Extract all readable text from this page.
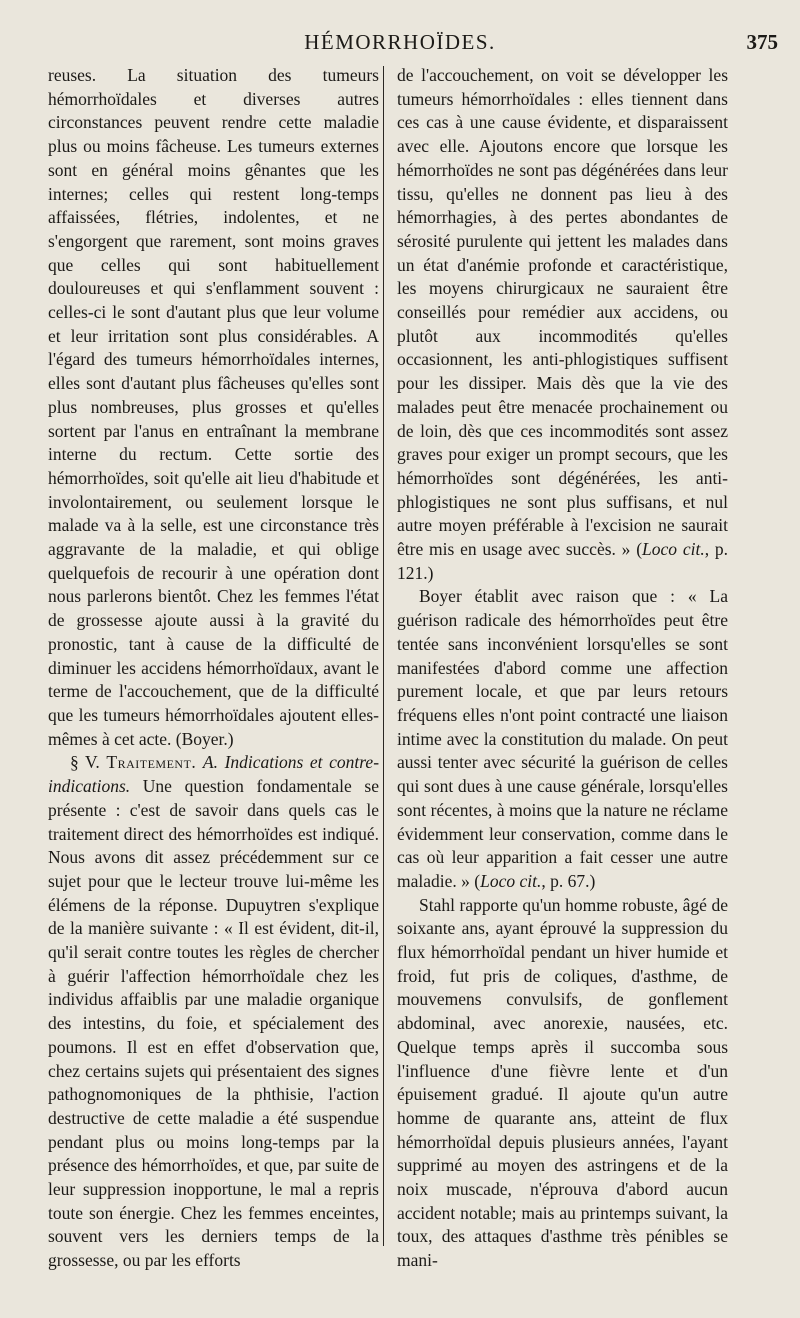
HÉMORRHOÏDES.	375

reuses. La situation des tumeurs hémorrhoïdales et diverses autres circonstances peuvent rendre cette maladie plus ou moins fâcheuse. Les tumeurs externes sont en général moins gênantes que les internes; celles qui restent long-temps affaissées, flétries, indolentes, et ne s'engorgent que rarement, sont moins graves que celles qui sont habituellement douloureuses et qui s'enflamment souvent : celles-ci le sont d'autant plus que leur volume et leur irritation sont plus considérables. A l'égard des tumeurs hémorrhoïdales internes, elles sont d'autant plus fâcheuses qu'elles sont plus nombreuses, plus grosses et qu'elles sortent par l'anus en entraînant la membrane interne du rectum. Cette sortie des hémorrhoïdes, soit qu'elle ait lieu d'habitude et involontairement, ou seulement lorsque le malade va à la selle, est une circonstance très aggravante de la maladie, et qui oblige quelquefois de recourir à une opération dont nous parlerons bientôt. Chez les femmes l'état de grossesse ajoute aussi à la gravité du pronostic, tant à cause de la difficulté de diminuer les accidens hémorrhoïdaux, avant le terme de l'accouchement, que de la difficulté que les tumeurs hémorrhoïdales ajoutent elles-mêmes à cet acte. (Boyer.)

§ V. Traitement. A. Indications et contre-indications. Une question fondamentale se présente : c'est de savoir dans quels cas le traitement direct des hémorrhoïdes est indiqué. Nous avons dit assez précédemment sur ce sujet pour que le lecteur trouve lui-même les élémens de la réponse. Dupuytren s'explique de la manière suivante : « Il est évident, dit-il, qu'il serait contre toutes les règles de chercher à guérir l'affection hémorrhoïdale chez les individus affaiblis par une maladie organique des intestins, du foie, et spécialement des poumons. Il est en effet d'observation que, chez certains sujets qui présentaient des signes pathognomoniques de la phthisie, l'action destructive de cette maladie a été suspendue pendant plus ou moins long-temps par la présence des hémorrhoïdes, et que, par suite de leur suppression inopportune, le mal a repris toute son énergie. Chez les femmes enceintes, souvent vers les derniers temps de la grossesse, ou par les efforts

de l'accouchement, on voit se développer les tumeurs hémorrhoïdales : elles tiennent dans ces cas à une cause évidente, et disparaissent avec elle. Ajoutons encore que lorsque les hémorrhoïdes ne sont pas dégénérées dans leur tissu, qu'elles ne donnent pas lieu à des hémorrhagies, à des pertes abondantes de sérosité purulente qui jettent les malades dans un état d'anémie profonde et caractéristique, les moyens chirurgicaux ne sauraient être conseillés pour remédier aux accidens, ou plutôt aux incommodités qu'elles occasionnent, les anti-phlogistiques suffisent pour les dissiper. Mais dès que la vie des malades peut être menacée prochainement ou de loin, dès que ces incommodités sont assez graves pour exiger un prompt secours, que les hémorrhoïdes sont dégénérées, les anti-phlogistiques ne sont plus suffisans, et nul autre moyen préférable à l'excision ne saurait être mis en usage avec succès. » (Loco cit., p. 121.)

Boyer établit avec raison que : « La guérison radicale des hémorrhoïdes peut être tentée sans inconvénient lorsqu'elles se sont manifestées d'abord comme une affection purement locale, et que par leurs retours fréquens elles n'ont point contracté une liaison intime avec la constitution du malade. On peut aussi tenter avec sécurité la guérison de celles qui sont dues à une cause générale, lorsqu'elles sont récentes, à moins que la nature ne réclame évidemment leur conservation, comme dans le cas où leur apparition a fait cesser une autre maladie. » (Loco cit., p. 67.)

Stahl rapporte qu'un homme robuste, âgé de soixante ans, ayant éprouvé la suppression du flux hémorrhoïdal pendant un hiver humide et froid, fut pris de coliques, d'asthme, de mouvemens convulsifs, de gonflement abdominal, avec anorexie, nausées, etc. Quelque temps après il succomba sous l'influence d'une fièvre lente et d'un épuisement gradué. Il ajoute qu'un autre homme de quarante ans, atteint de flux hémorrhoïdal depuis plusieurs années, l'ayant supprimé au moyen des astringens et de la noix muscade, n'éprouva d'abord aucun accident notable; mais au printemps suivant, la toux, des attaques d'asthme très pénibles se mani-
